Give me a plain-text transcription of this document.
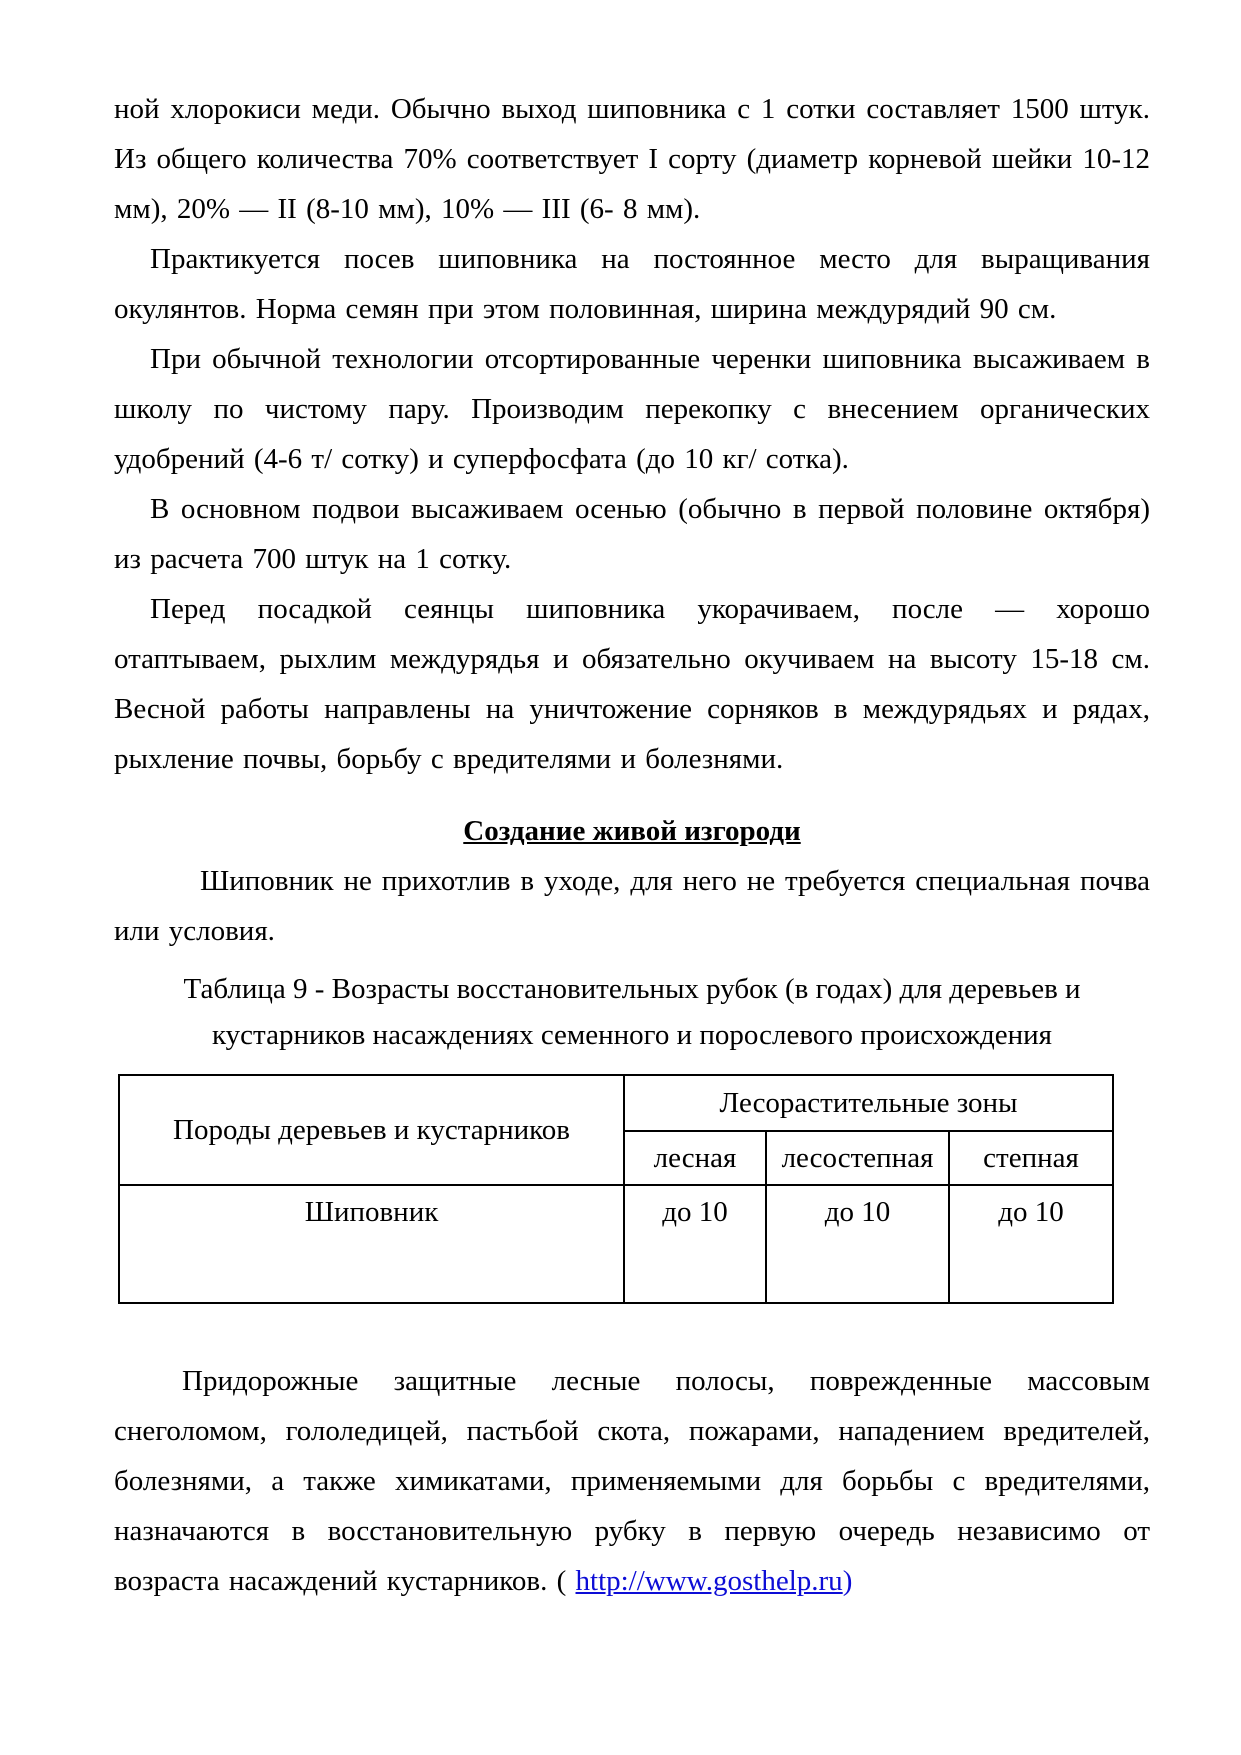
ной хлорокиси меди. Обычно выход шиповника с 1 сотки составляет 1500 штук. Из общего количества 70% соответствует I сорту (диаметр корневой шейки 10-12 мм), 20% — II (8-10 мм), 10% — III (6- 8 мм).

Практикуется посев шиповника на постоянное место для выращивания окулянтов. Норма семян при этом половинная, ширина междурядий 90 см.

При обычной технологии отсортированные черенки шиповника высаживаем в школу по чистому пару. Производим перекопку с внесением органических удобрений (4-6 т/ сотку) и суперфосфата (до 10 кг/ сотка).

В основном подвои высаживаем осенью (обычно в первой половине октября) из расчета 700 штук на 1 сотку.

Перед посадкой сеянцы шиповника укорачиваем, после — хорошо отаптываем, рыхлим междурядья и обязательно окучиваем на высоту 15-18 см. Весной работы направлены на уничтожение сорняков в междурядьях и рядах, рыхление почвы, борьбу с вредителями и болезнями.

Создание живой изгороди

Шиповник не прихотлив в уходе, для него не требуется специальная почва или условия.

Таблица 9 - Возрасты восстановительных рубок (в годах) для деревьев и кустарников насаждениях семенного и порослевого происхождения
Породы деревьев и кустарников	Лесорастительные зоны		
	лесная	лесостепная	степная
Шиповник	до 10	до 10	до 10

Придорожные защитные лесные полосы, поврежденные массовым снеголомом, гололедицей, пастьбой скота, пожарами, нападением вредителей, болезнями, а также химикатами, применяемыми для борьбы с вредителями, назначаются в восстановительную рубку в первую очередь независимо от возраста насаждений кустарников. ( http://www.gosthelp.ru)
